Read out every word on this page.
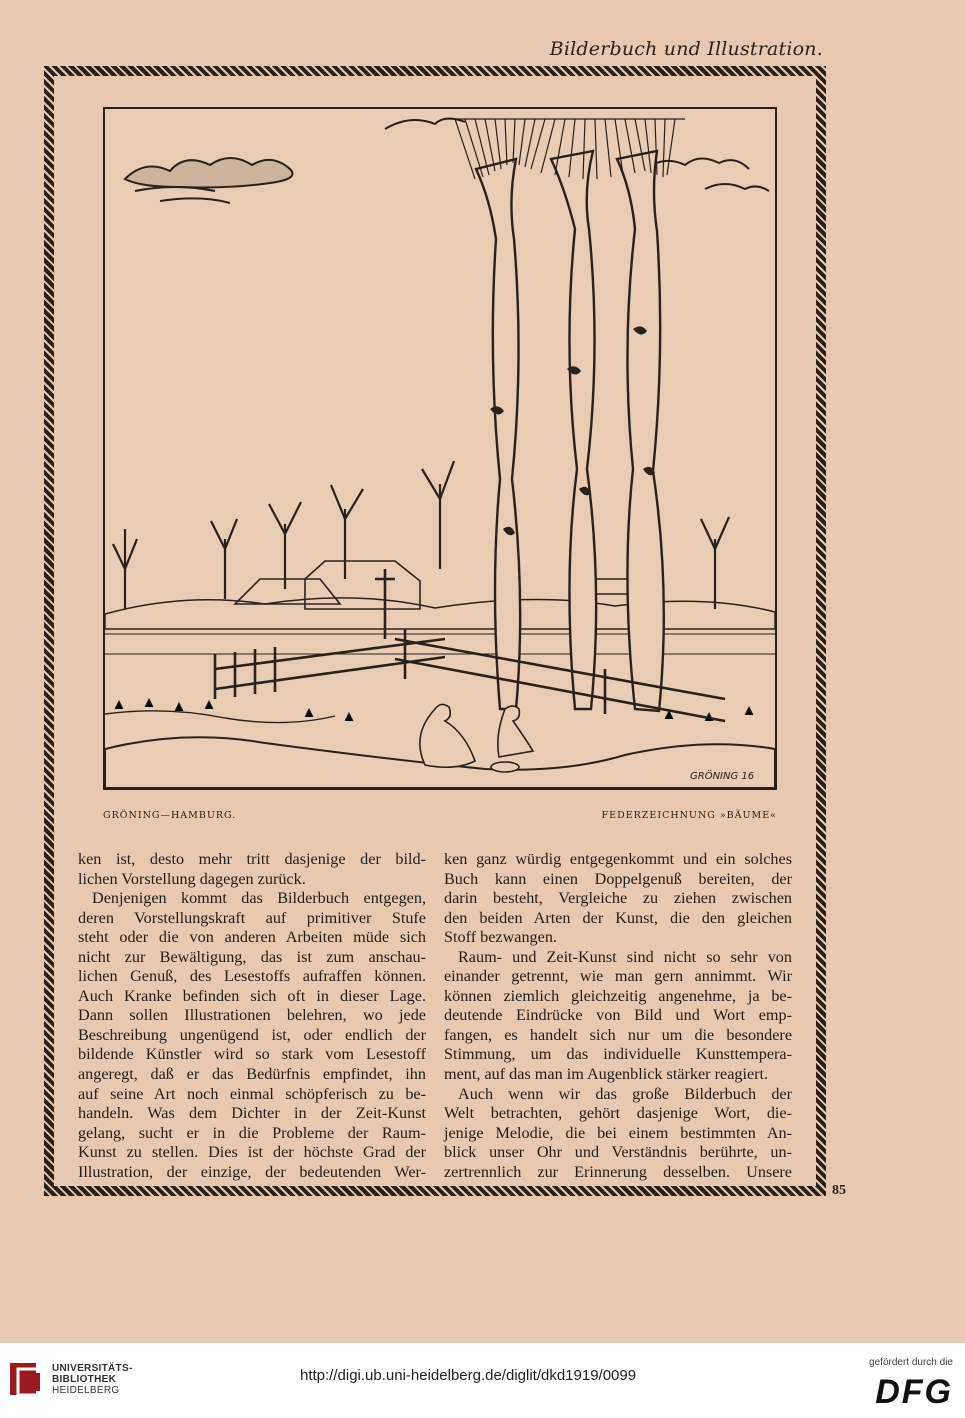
Bilderbuch und Illustration.
GRÖNING 16
GRÖNING—HAMBURG.	FEDERZEICHNUNG »BÄUME«
ken ist, desto mehr tritt dasjenige der bild-
lichen Vorstellung dagegen zurück.
Denjenigen kommt das Bilderbuch entgegen,
deren Vorstellungskraft auf primitiver Stufe
steht oder die von anderen Arbeiten müde sich
nicht zur Bewältigung, das ist zum anschau-
lichen Genuß, des Lesestoffs aufraffen können.
Auch Kranke befinden sich oft in dieser Lage.
Dann sollen Illustrationen belehren, wo jede
Beschreibung ungenügend ist, oder endlich der
bildende Künstler wird so stark vom Lesestoff
angeregt, daß er das Bedürfnis empfindet, ihn
auf seine Art noch einmal schöpferisch zu be-
handeln. Was dem Dichter in der Zeit-Kunst
gelang, sucht er in die Probleme der Raum-
Kunst zu stellen. Dies ist der höchste Grad der
Illustration, der einzige, der bedeutenden Wer-
ken ganz würdig entgegenkommt und ein solches
Buch kann einen Doppelgenuß bereiten, der
darin besteht, Vergleiche zu ziehen zwischen
den beiden Arten der Kunst, die den gleichen
Stoff bezwangen.
Raum- und Zeit-Kunst sind nicht so sehr von
einander getrennt, wie man gern annimmt. Wir
können ziemlich gleichzeitig angenehme, ja be-
deutende Eindrücke von Bild und Wort emp-
fangen, es handelt sich nur um die besondere
Stimmung, um das individuelle Kunsttempera-
ment, auf das man im Augenblick stärker reagiert.
Auch wenn wir das große Bilderbuch der
Welt betrachten, gehört dasjenige Wort, die-
jenige Melodie, die bei einem bestimmten An-
blick unser Ohr und Verständnis berührte, un-
zertrennlich zur Erinnerung desselben. Unsere
85
UNIVERSITÄTS-
BIBLIOTHEK
HEIDELBERG
http://digi.ub.uni-heidelberg.de/diglit/dkd1919/0099
gefördert durch die
DFG
